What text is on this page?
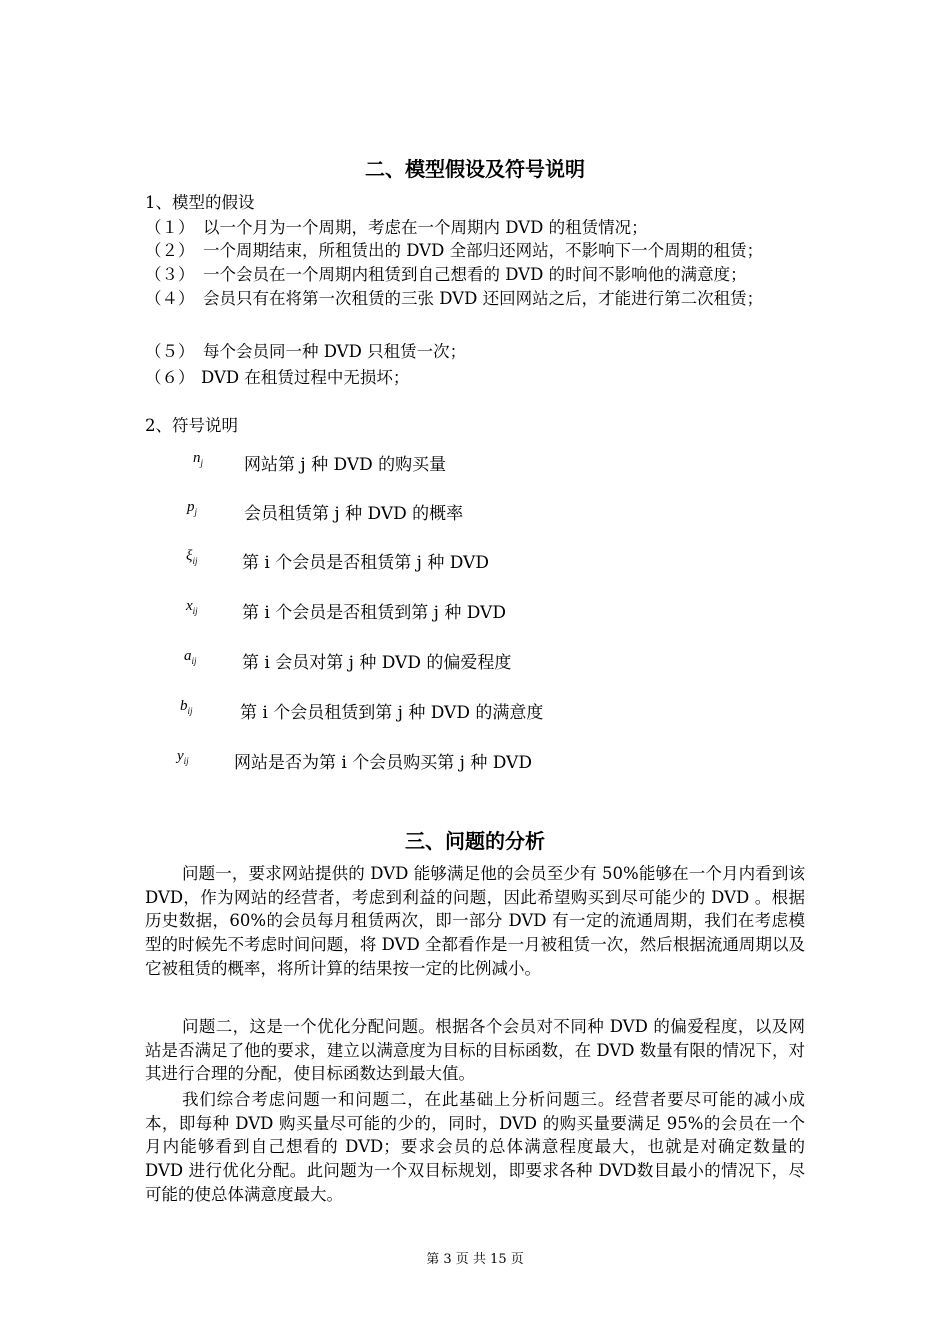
二、模型假设及符号说明
1、模型的假设
（１） 以一个月为一个周期，考虑在一个周期内 DVD 的租赁情况；
（２） 一个周期结束，所租赁出的 DVD 全部归还网站，不影响下一个周期的租赁；
（３） 一个会员在一个周期内租赁到自己想看的 DVD 的时间不影响他的满意度；
（４） 会员只有在将第一次租赁的三张 DVD 还回网站之后，才能进行第二次租赁；
（５） 每个会员同一种 DVD 只租赁一次；
（６） DVD 在租赁过程中无损坏；
2、符号说明
$n_j$ 网站第 j 种 DVD 的购买量
$p_j$	会员租赁第 j 种 DVD 的概率
$\xi_{ij}$	第 i 个会员是否租赁第 j 种 DVD
$x_{ij}$	第 i 个会员是否租赁到第 j 种 DVD
$a_{ij}$	第 i 会员对第 j 种 DVD 的偏爱程度
$b_{ij}$	第 i 个会员租赁到第 j 种 DVD 的满意度
$y_{ij}$	网站是否为第 i 个会员购买第 j 种 DVD
三、问题的分析
问题一，要求网站提供的 DVD 能够满足他的会员至少有 50%能够在一个月内看到该 DVD，作为网站的经营者，考虑到利益的问题，因此希望购买到尽可能少的 DVD 。根据历史数据，60%的会员每月租赁两次，即一部分 DVD 有一定的流通周期，我们在考虑模型的时候先不考虑时间问题，将 DVD 全都看作是一月被租赁一次，然后根据流通周期以及它被租赁的概率，将所计算的结果按一定的比例减小。
问题二，这是一个优化分配问题。根据各个会员对不同种 DVD 的偏爱程度，以及网站是否满足了他的要求，建立以满意度为目标的目标函数，在 DVD 数量有限的情况下，对其进行合理的分配，使目标函数达到最大值。
我们综合考虑问题一和问题二，在此基础上分析问题三。经营者要尽可能的减小成本，即每种 DVD 购买量尽可能的少的，同时，DVD 的购买量要满足 95%的会员在一个月内能够看到自己想看的 DVD；要求会员的总体满意程度最大，也就是对确定数量的 DVD 进行优化分配。此问题为一个双目标规划，即要求各种 DVD数目最小的情况下，尽可能的使总体满意度最大。
第 3 页 共 15 页
